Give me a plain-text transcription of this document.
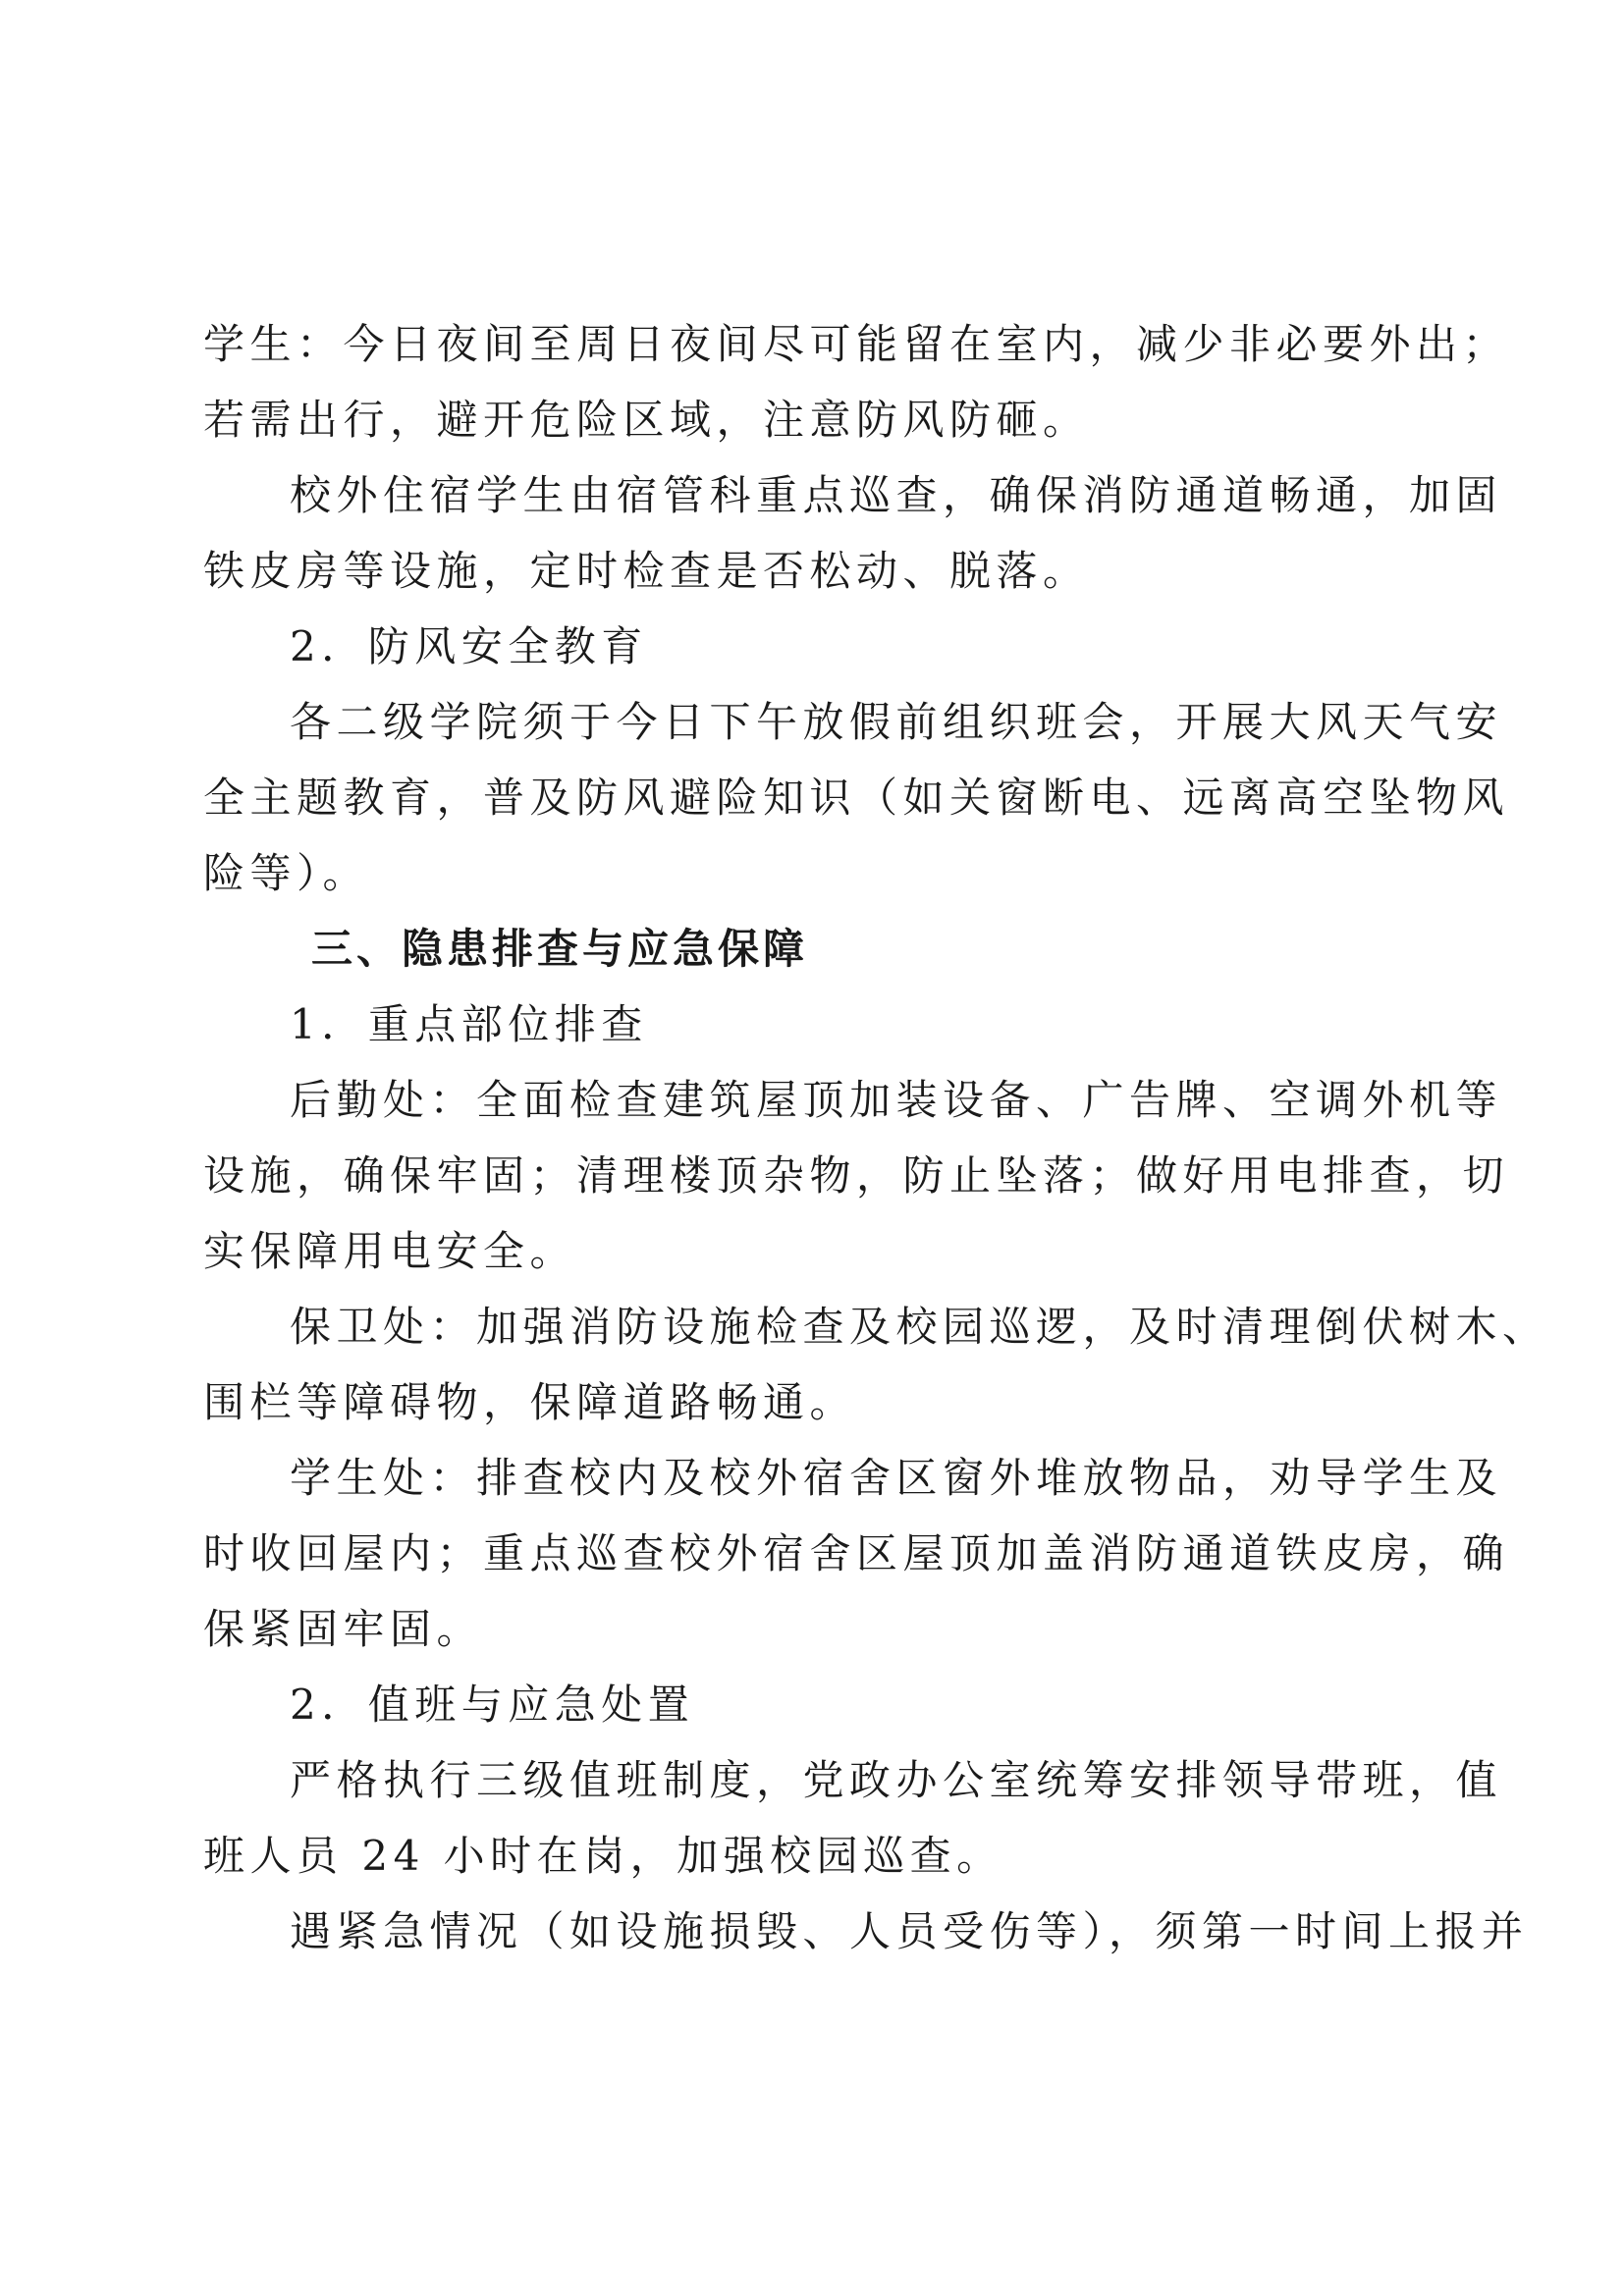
学生：今日夜间至周日夜间尽可能留在室内，减少非必要外出；
若需出行，避开危险区域，注意防风防砸。
校外住宿学生由宿管科重点巡查，确保消防通道畅通，加固
铁皮房等设施，定时检查是否松动、脱落。
2．防风安全教育
各二级学院须于今日下午放假前组织班会，开展大风天气安
全主题教育，普及防风避险知识（如关窗断电、远离高空坠物风
险等）。
三、隐患排查与应急保障
1．重点部位排查
后勤处：全面检查建筑屋顶加装设备、广告牌、空调外机等
设施，确保牢固；清理楼顶杂物，防止坠落；做好用电排查，切
实保障用电安全。
保卫处：加强消防设施检查及校园巡逻，及时清理倒伏树木、
围栏等障碍物，保障道路畅通。
学生处：排查校内及校外宿舍区窗外堆放物品，劝导学生及
时收回屋内；重点巡查校外宿舍区屋顶加盖消防通道铁皮房，确
保紧固牢固。
2．值班与应急处置
严格执行三级值班制度，党政办公室统筹安排领导带班，值
班人员 24 小时在岗，加强校园巡查。
遇紧急情况（如设施损毁、人员受伤等），须第一时间上报并
